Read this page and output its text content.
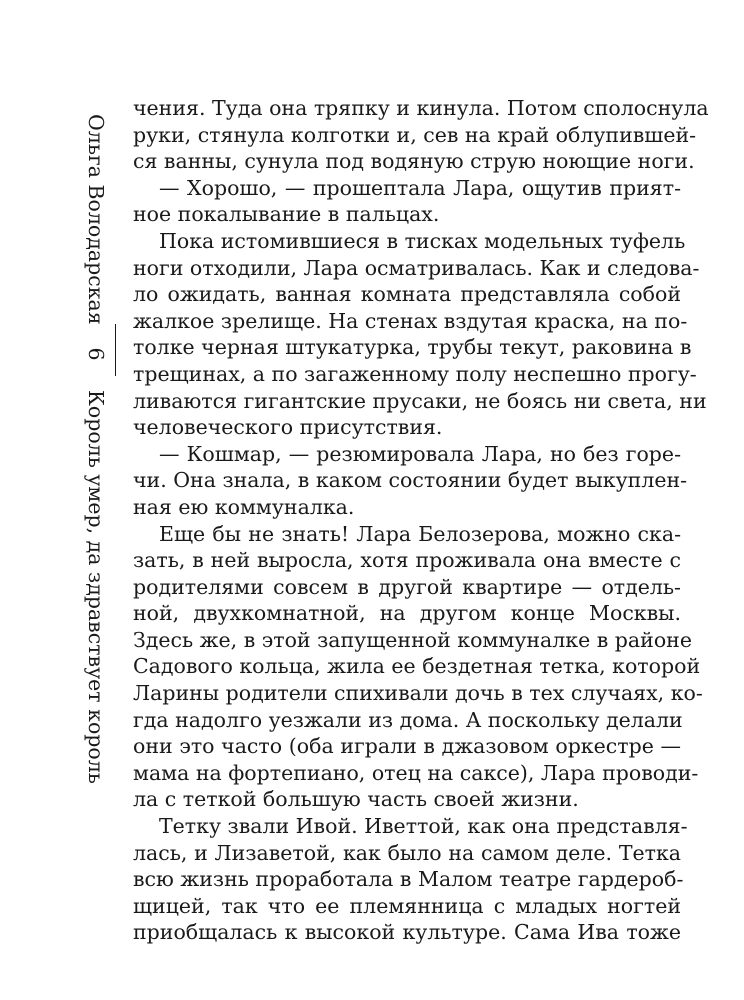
Ольга Володарская
6
Король умер, да здравствует король
чения. Туда она тряпку и кинула. Потом сполоснула
руки, стянула колготки и, сев на край облупившей-
ся ванны, сунула под водяную струю ноющие ноги.
— Хорошо, — прошептала Лара, ощутив прият-
ное покалывание в пальцах.
Пока истомившиеся в тисках модельных туфель
ноги отходили, Лара осматривалась. Как и следова-
ло ожидать, ванная комната представляла собой
жалкое зрелище. На стенах вздутая краска, на по-
толке черная штукатурка, трубы текут, раковина в
трещинах, а по загаженному полу неспешно прогу-
ливаются гигантские прусаки, не боясь ни света, ни
человеческого присутствия.
— Кошмар, — резюмировала Лара, но без горе-
чи. Она знала, в каком состоянии будет выкуплен-
ная ею коммуналка.
Еще бы не знать! Лара Белозерова, можно ска-
зать, в ней выросла, хотя проживала она вместе с
родителями совсем в другой квартире — отдель-
ной, двухкомнатной, на другом конце Москвы.
Здесь же, в этой запущенной коммуналке в районе
Садового кольца, жила ее бездетная тетка, которой
Ларины родители спихивали дочь в тех случаях, ко-
гда надолго уезжали из дома. А поскольку делали
они это часто (оба играли в джазовом оркестре —
мама на фортепиано, отец на саксе), Лара проводи-
ла с теткой большую часть своей жизни.
Тетку звали Ивой. Иветтой, как она представля-
лась, и Лизаветой, как было на самом деле. Тетка
всю жизнь проработала в Малом театре гардероб-
щицей, так что ее племянница с младых ногтей
приобщалась к высокой культуре. Сама Ива тоже
